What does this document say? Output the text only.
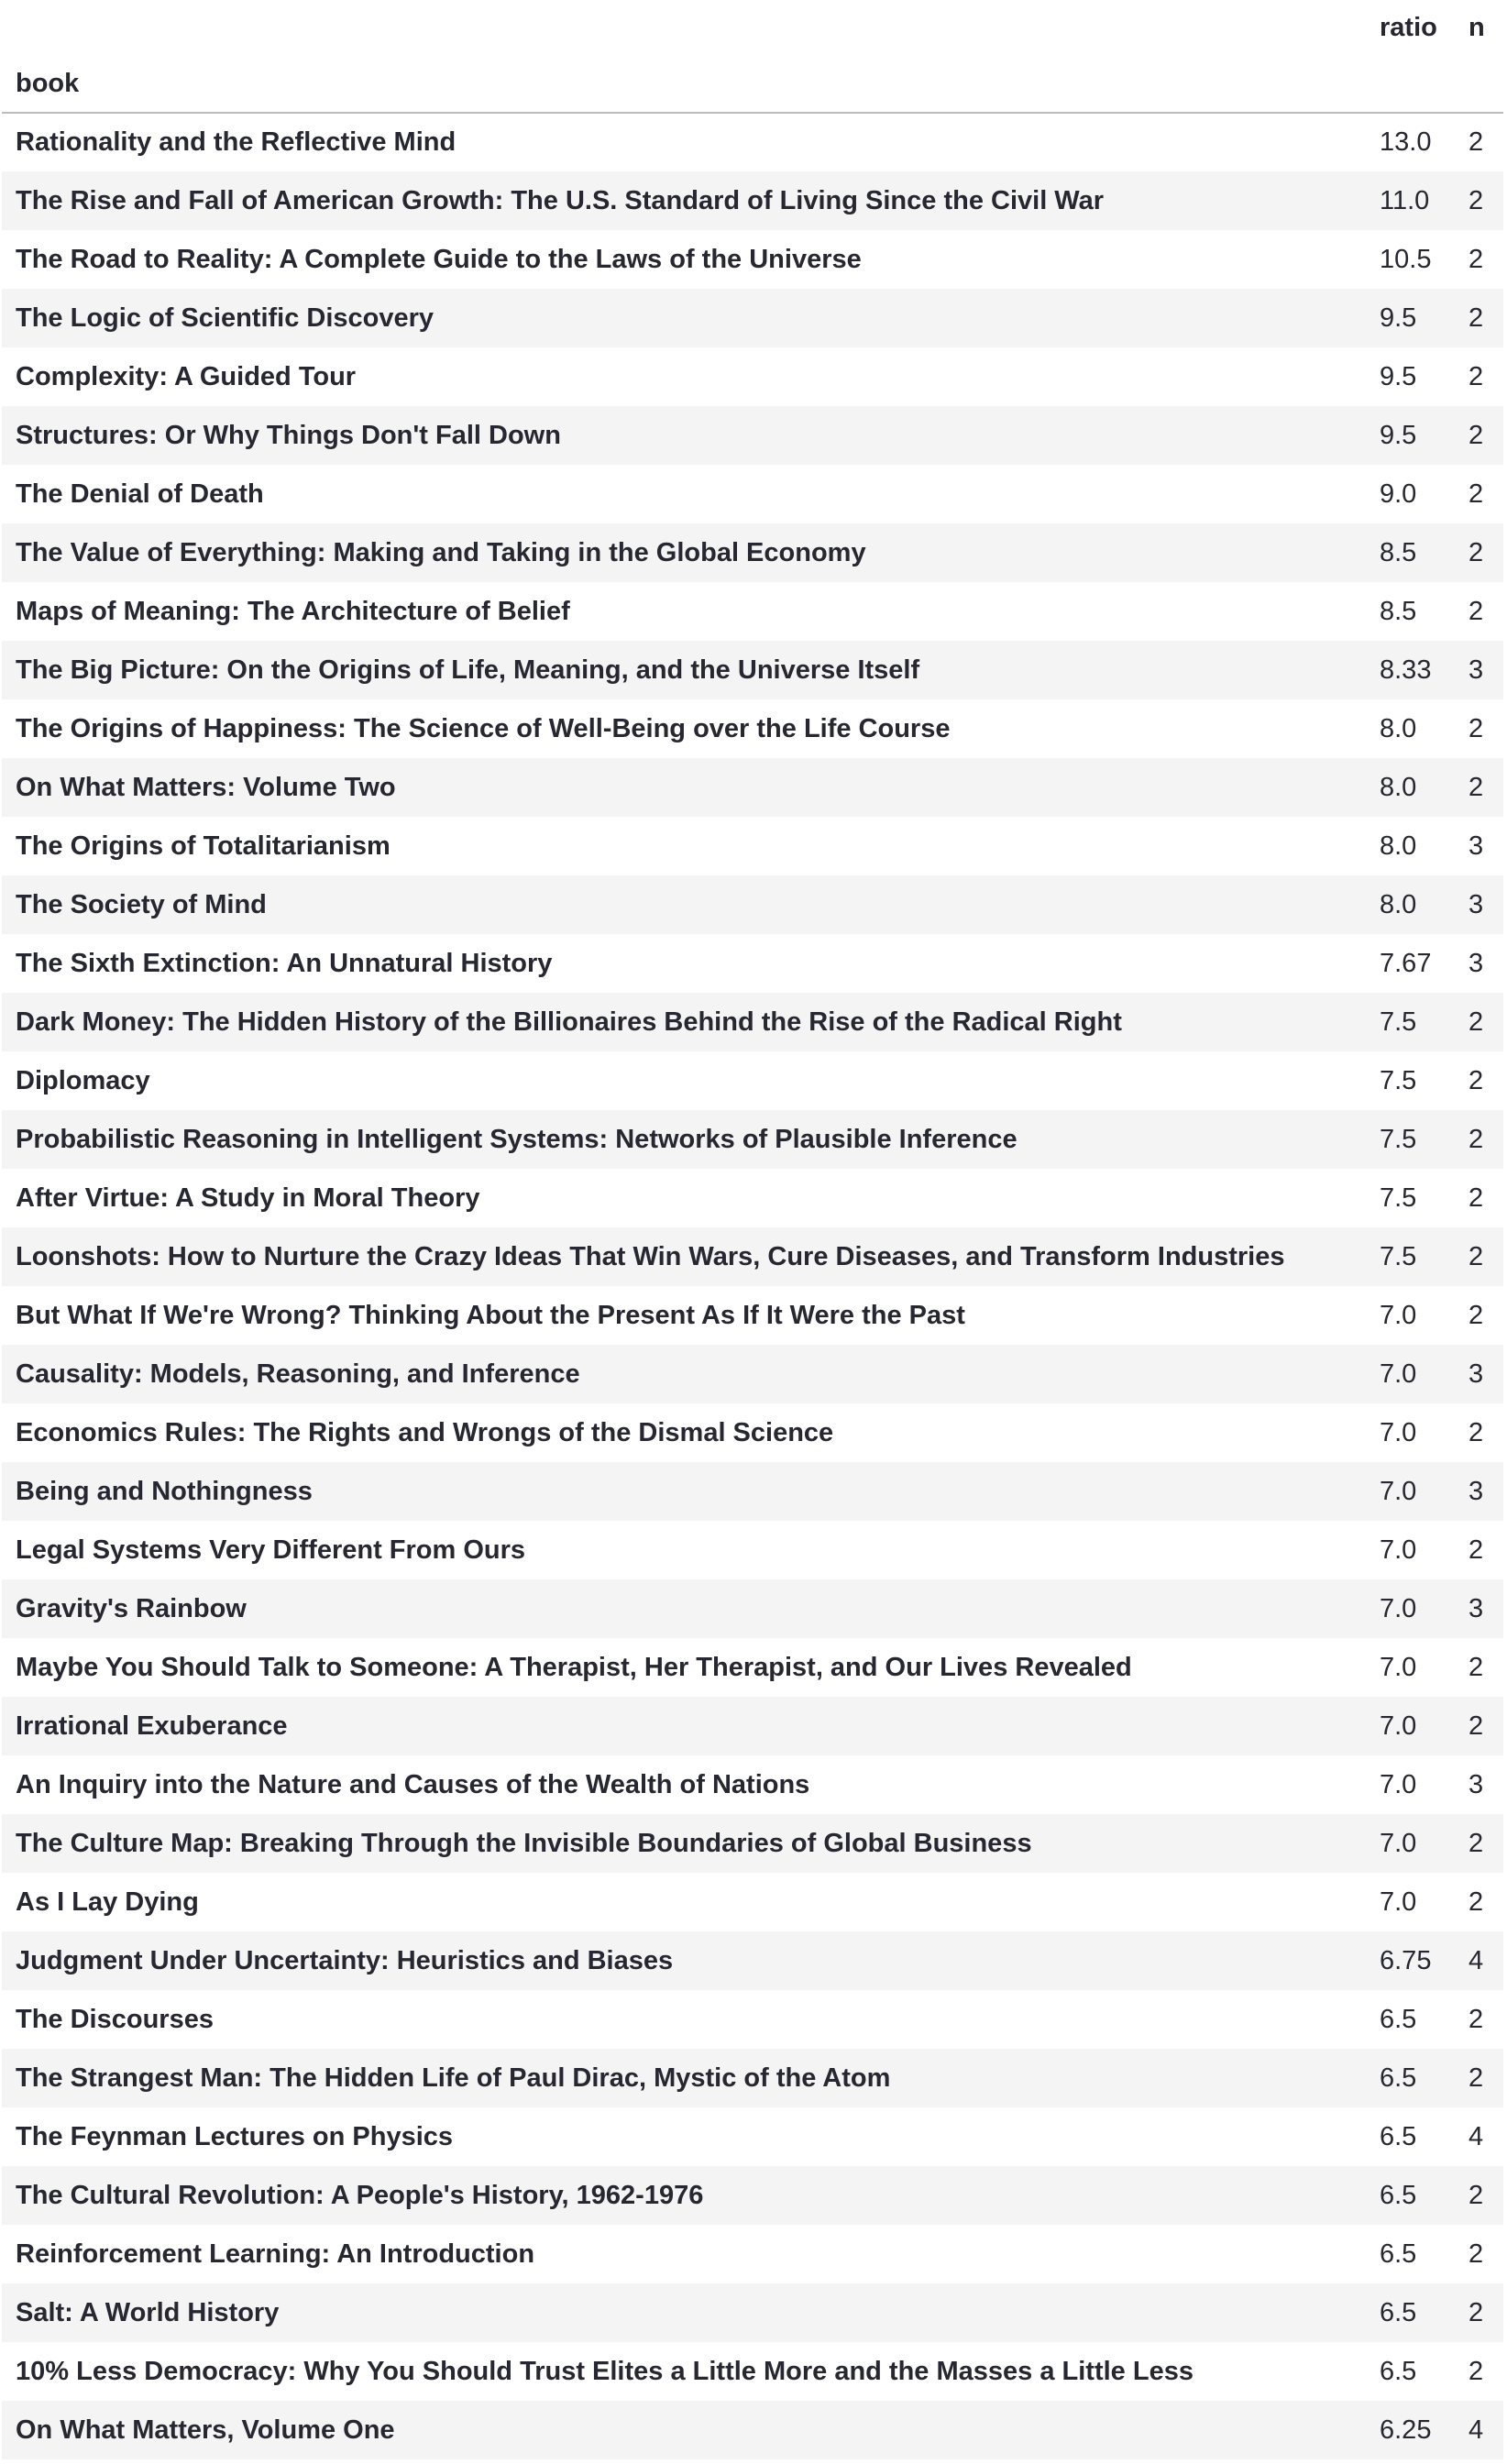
	ratio	n
book		
Rationality and the Reflective Mind	13.0	2
The Rise and Fall of American Growth: The U.S. Standard of Living Since the Civil War	11.0	2
The Road to Reality: A Complete Guide to the Laws of the Universe	10.5	2
The Logic of Scientific Discovery	9.5	2
Complexity: A Guided Tour	9.5	2
Structures: Or Why Things Don't Fall Down	9.5	2
The Denial of Death	9.0	2
The Value of Everything: Making and Taking in the Global Economy	8.5	2
Maps of Meaning: The Architecture of Belief	8.5	2
The Big Picture: On the Origins of Life, Meaning, and the Universe Itself	8.33	3
The Origins of Happiness: The Science of Well-Being over the Life Course	8.0	2
On What Matters: Volume Two	8.0	2
The Origins of Totalitarianism	8.0	3
The Society of Mind	8.0	3
The Sixth Extinction: An Unnatural History	7.67	3
Dark Money: The Hidden History of the Billionaires Behind the Rise of the Radical Right	7.5	2
Diplomacy	7.5	2
Probabilistic Reasoning in Intelligent Systems: Networks of Plausible Inference	7.5	2
After Virtue: A Study in Moral Theory	7.5	2
Loonshots: How to Nurture the Crazy Ideas That Win Wars, Cure Diseases, and Transform Industries	7.5	2
But What If We're Wrong? Thinking About the Present As If It Were the Past	7.0	2
Causality: Models, Reasoning, and Inference	7.0	3
Economics Rules: The Rights and Wrongs of the Dismal Science	7.0	2
Being and Nothingness	7.0	3
Legal Systems Very Different From Ours	7.0	2
Gravity's Rainbow	7.0	3
Maybe You Should Talk to Someone: A Therapist, Her Therapist, and Our Lives Revealed	7.0	2
Irrational Exuberance	7.0	2
An Inquiry into the Nature and Causes of the Wealth of Nations	7.0	3
The Culture Map: Breaking Through the Invisible Boundaries of Global Business	7.0	2
As I Lay Dying	7.0	2
Judgment Under Uncertainty: Heuristics and Biases	6.75	4
The Discourses	6.5	2
The Strangest Man: The Hidden Life of Paul Dirac, Mystic of the Atom	6.5	2
The Feynman Lectures on Physics	6.5	4
The Cultural Revolution: A People's History, 1962-1976	6.5	2
Reinforcement Learning: An Introduction	6.5	2
Salt: A World History	6.5	2
10% Less Democracy: Why You Should Trust Elites a Little More and the Masses a Little Less	6.5	2
On What Matters, Volume One	6.25	4
